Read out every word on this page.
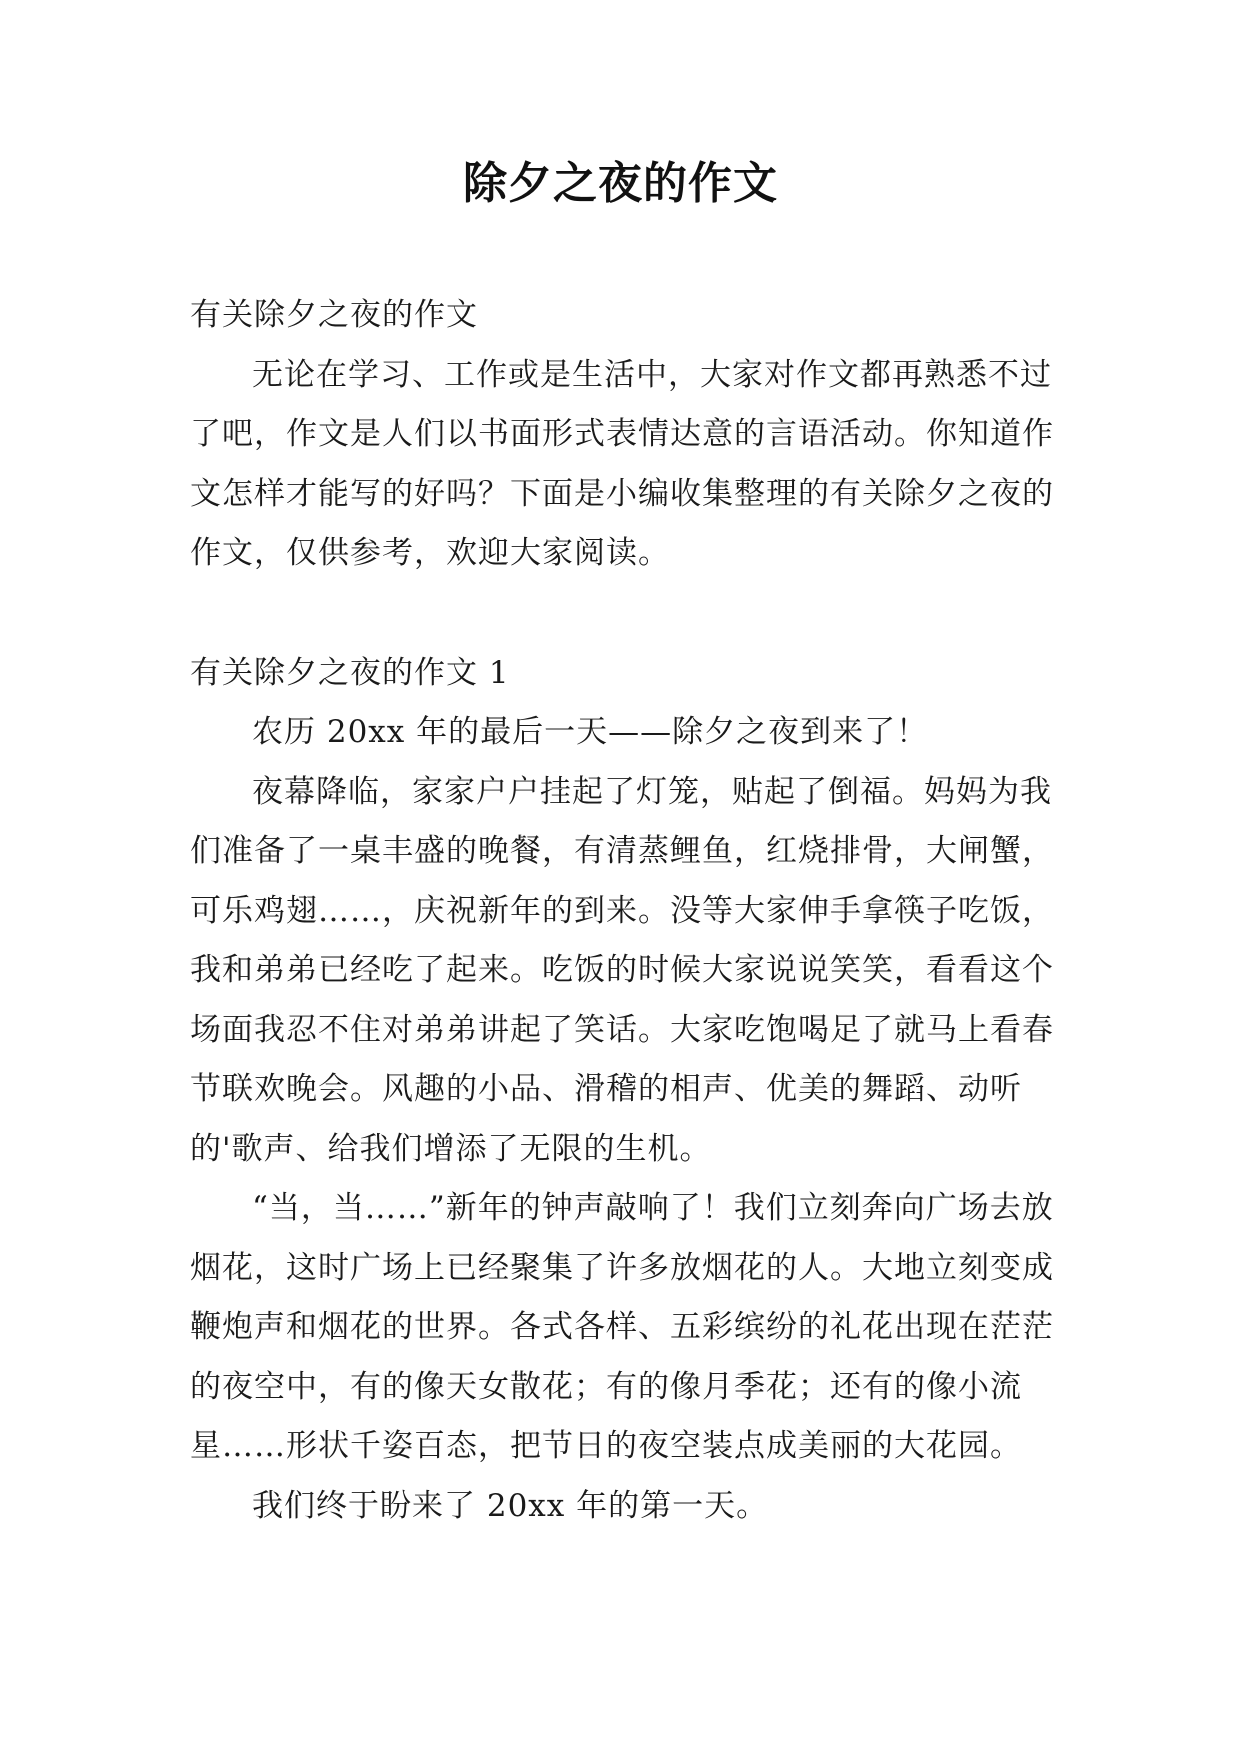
除夕之夜的作文

有关除夕之夜的作文

无论在学习、工作或是生活中，大家对作文都再熟悉不过了吧，作文是人们以书面形式表情达意的言语活动。你知道作文怎样才能写的好吗？下面是小编收集整理的有关除夕之夜的作文，仅供参考，欢迎大家阅读。

有关除夕之夜的作文 1

农历 20xx 年的最后一天——除夕之夜到来了！

夜幕降临，家家户户挂起了灯笼，贴起了倒福。妈妈为我们准备了一桌丰盛的晚餐，有清蒸鲤鱼，红烧排骨，大闸蟹，可乐鸡翅……，庆祝新年的到来。没等大家伸手拿筷子吃饭，我和弟弟已经吃了起来。吃饭的时候大家说说笑笑，看看这个场面我忍不住对弟弟讲起了笑话。大家吃饱喝足了就马上看春节联欢晚会。风趣的小品、滑稽的相声、优美的舞蹈、动听的'歌声、给我们增添了无限的生机。

“当，当……”新年的钟声敲响了！我们立刻奔向广场去放烟花，这时广场上已经聚集了许多放烟花的人。大地立刻变成鞭炮声和烟花的世界。各式各样、五彩缤纷的礼花出现在茫茫的夜空中，有的像天女散花；有的像月季花；还有的像小流星……形状千姿百态，把节日的夜空装点成美丽的大花园。

我们终于盼来了 20xx 年的第一天。
